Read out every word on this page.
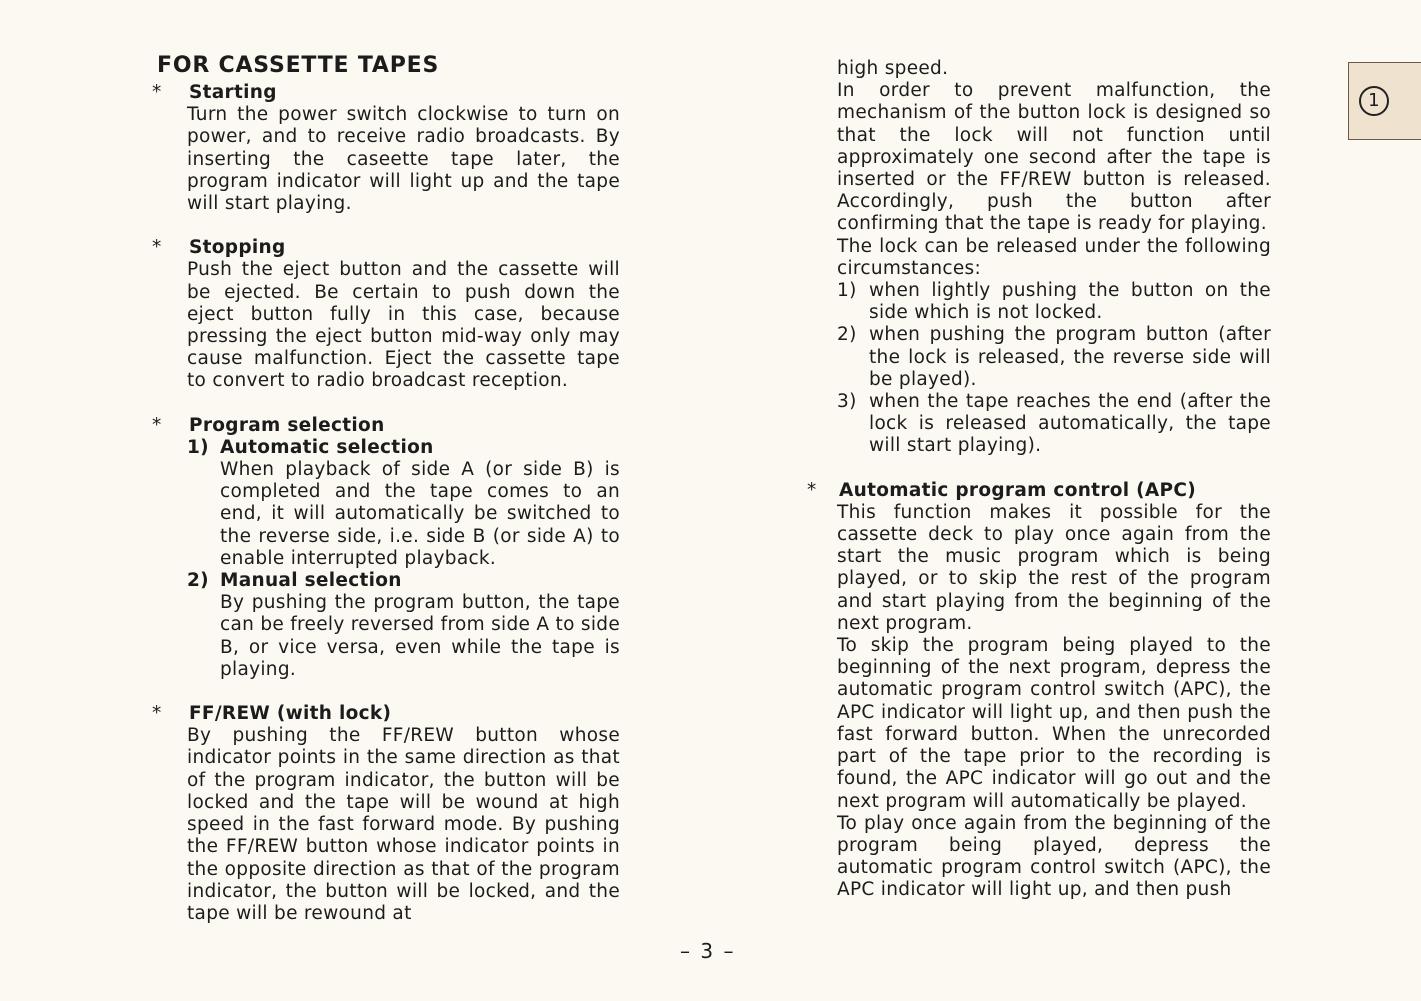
FOR CASSETTE TAPES
*	Starting

Turn the power switch clockwise to turn on power, and to receive radio broadcasts. By inserting the caseette tape later, the program indicator will light up and the tape will start playing.

*	Stopping

Push the eject button and the cassette will be ejected. Be certain to push down the eject button fully in this case, because pressing the eject button mid-way only may cause malfunction. Eject the cassette tape to convert to radio broadcast reception.

*	Program selection
1) Automatic selection
When playback of side A (or side B) is completed and the tape comes to an end, it will automatically be switched to the reverse side, i.e. side B (or side A) to enable interrupted playback.
2) Manual selection
By pushing the program button, the tape can be freely reversed from side A to side B, or vice versa, even while the tape is playing.
*	FF/REW (with lock)

By pushing the FF/REW button whose indicator points in the same direction as that of the program indicator, the button will be locked and the tape will be wound at high speed in the fast forward mode. By pushing the FF/REW button whose indicator points in the opposite direction as that of the program indicator, the button will be locked, and the tape will be rewound at

high speed.

In order to prevent malfunction, the mechanism of the button lock is designed so that the lock will not function until approximately one second after the tape is inserted or the FF/REW button is released. Accordingly, push the button after confirming that the tape is ready for playing.

The lock can be released under the following circumstances:

1) when lightly pushing the button on the side which is not locked.
2) when pushing the program button (after the lock is released, the reverse side will be played).
3) when the tape reaches the end (after the lock is released automatically, the tape will start playing).
*	Automatic program control (APC)

This function makes it possible for the cassette deck to play once again from the start the music program which is being played, or to skip the rest of the program and start playing from the beginning of the next program.

To skip the program being played to the beginning of the next program, depress the automatic program control switch (APC), the APC indicator will light up, and then push the fast forward button. When the unrecorded part of the tape prior to the recording is found, the APC indicator will go out and the next program will automatically be played.

To play once again from the beginning of the program being played, depress the automatic program control switch (APC), the APC indicator will light up, and then push

– 3 –
1
